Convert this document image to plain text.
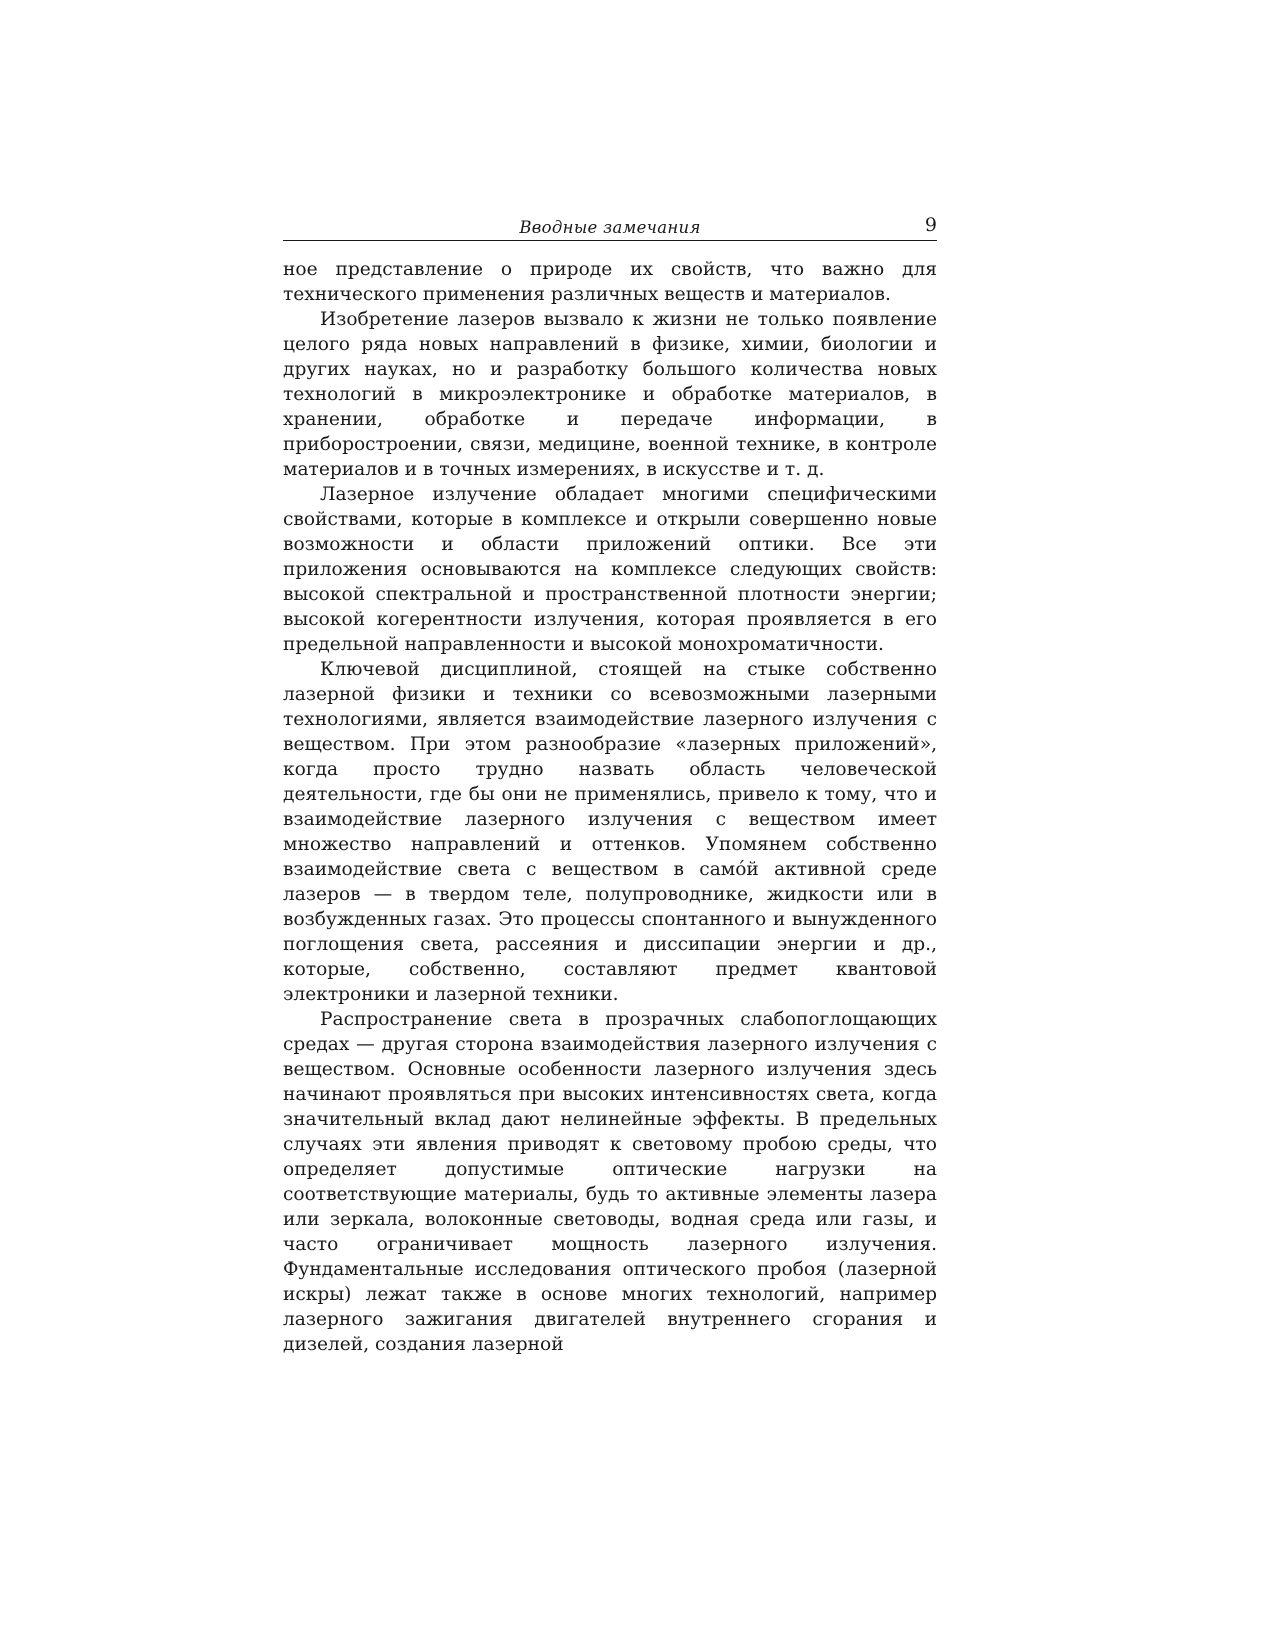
Вводные замечания	9

ное представление о природе их свойств, что важно для технического применения различных веществ и материалов.

Изобретение лазеров вызвало к жизни не только появление целого ряда новых направлений в физике, химии, биологии и других науках, но и разработку большого количества новых технологий в микроэлектронике и обработке материалов, в хранении, обработке и передаче информации, в приборостроении, связи, медицине, военной технике, в контроле материалов и в точных измерениях, в искусстве и т. д.

Лазерное излучение обладает многими специфическими свойствами, которые в комплексе и открыли совершенно новые возможности и области приложений оптики. Все эти приложения основываются на комплексе следующих свойств: высокой спектральной и пространственной плотности энергии; высокой когерентности излучения, которая проявляется в его предельной направленности и высокой монохроматичности.

Ключевой дисциплиной, стоящей на стыке собственно лазерной физики и техники со всевозможными лазерными технологиями, является взаимодействие лазерного излучения с веществом. При этом разнообразие «лазерных приложений», когда просто трудно назвать область человеческой деятельности, где бы они не применялись, привело к тому, что и взаимодействие лазерного излучения с веществом имеет множество направлений и оттенков. Упомянем собственно взаимодействие света с веществом в само́й активной среде лазеров — в твердом теле, полупроводнике, жидкости или в возбужденных газах. Это процессы спонтанного и вынужденного поглощения света, рассеяния и диссипации энергии и др., которые, собственно, составляют предмет квантовой электроники и лазерной техники.

Распространение света в прозрачных слабопоглощающих средах — другая сторона взаимодействия лазерного излучения с веществом. Основные особенности лазерного излучения здесь начинают проявляться при высоких интенсивностях света, когда значительный вклад дают нелинейные эффекты. В предельных случаях эти явления приводят к световому пробою среды, что определяет допустимые оптические нагрузки на соответствующие материалы, будь то активные элементы лазера или зеркала, волоконные световоды, водная среда или газы, и часто ограничивает мощность лазерного излучения. Фундаментальные исследования оптического пробоя (лазерной искры) лежат также в основе многих технологий, например лазерного зажигания двигателей внутреннего сгорания и дизелей, создания лазерной
